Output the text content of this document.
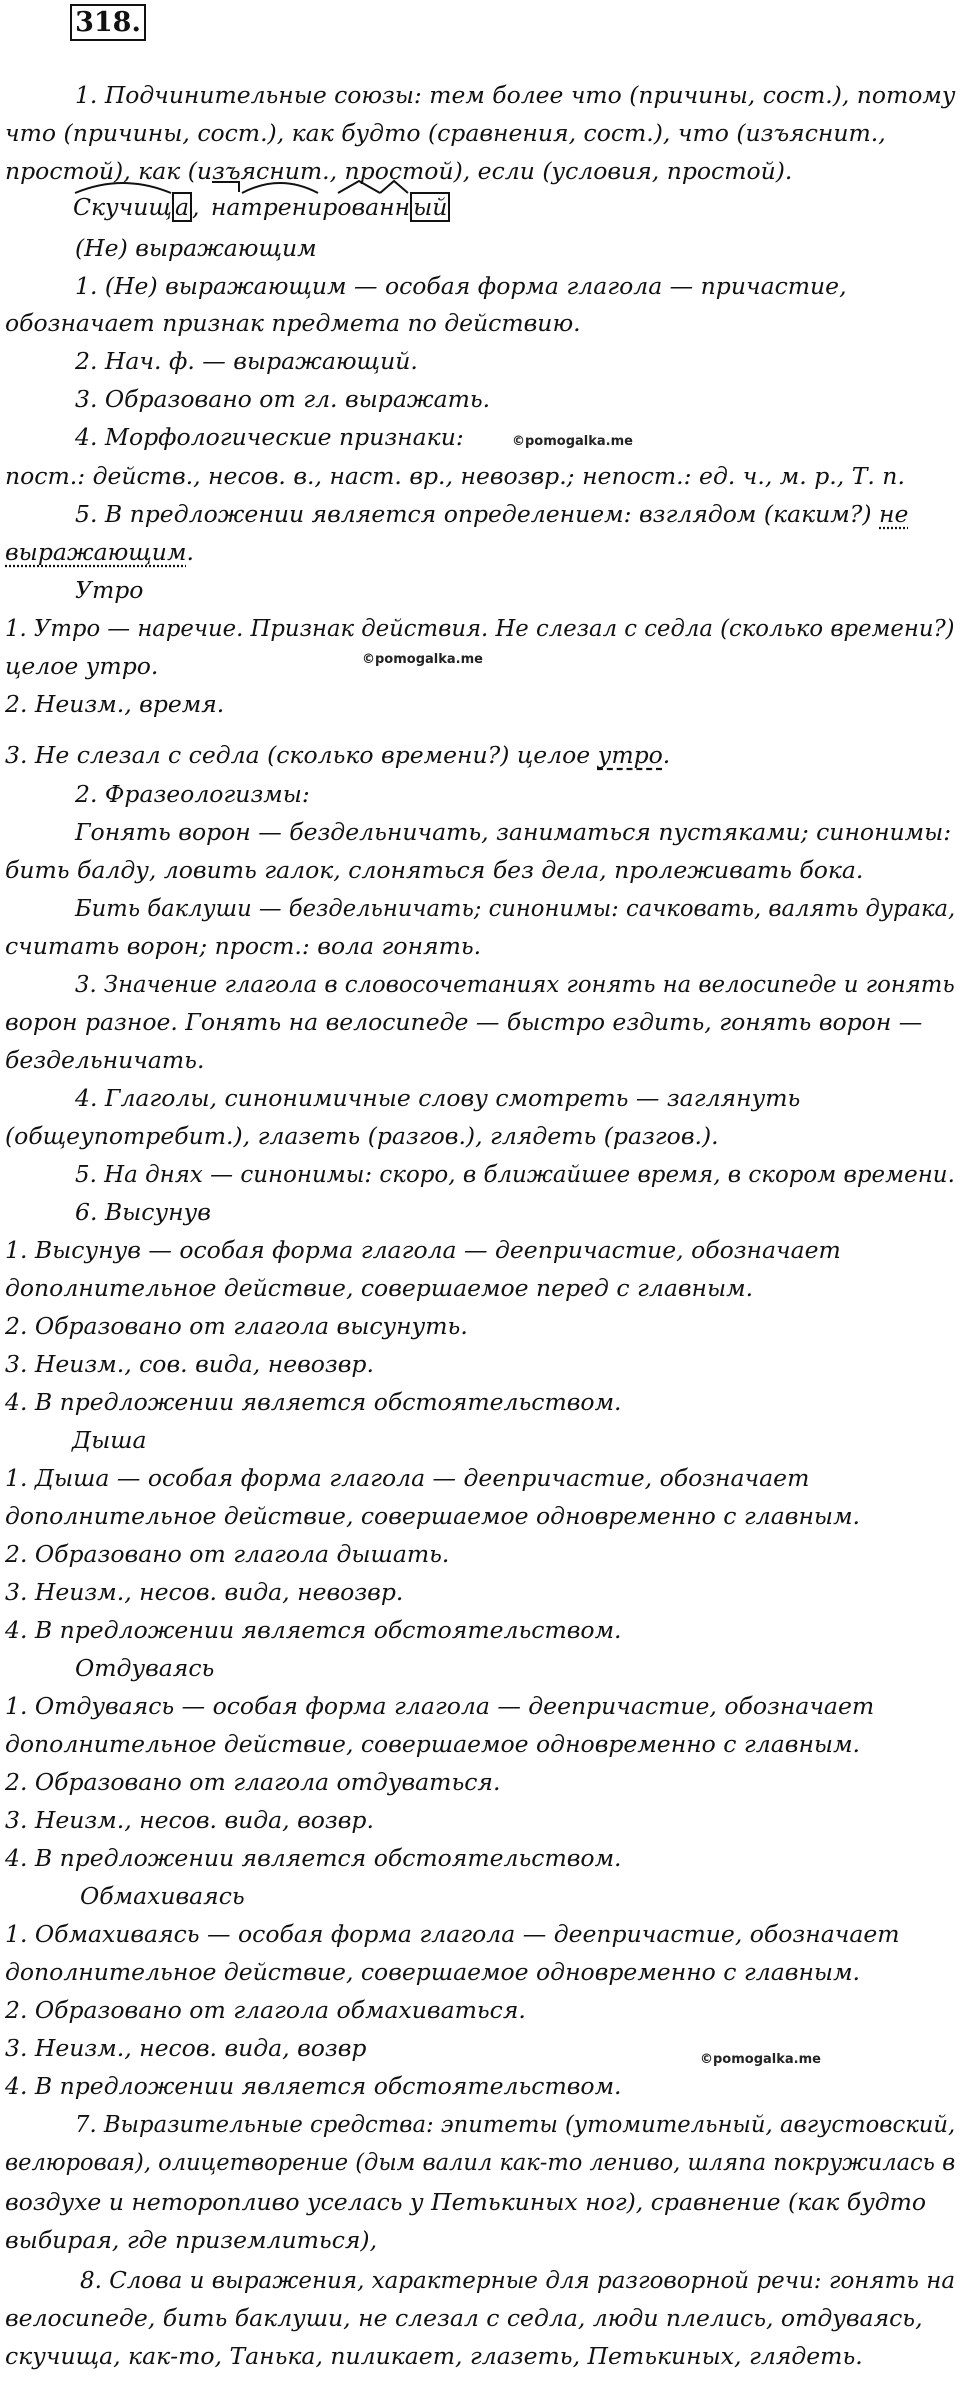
318.
Скучищ а , на
тренир
ова
нн ый
1. Подчинительные союзы: тем более что (причины, сост.), потому
что (причины, сост.), как будто (сравнения, сост.), что (изъяснит.,
простой), как (изъяснит., простой), если (условия, простой).
(Не) выражающим
1. (Не) выражающим — особая форма глагола — причастие,
обозначает признак предмета по действию.
2. Нач. ф. — выражающий.
3. Образовано от гл. выражать.
4. Морфологические признаки:	©pomogalka.me
пост.: действ., несов. в., наст. вр., невозвр.; непост.: ед. ч., м. р., Т. п.
5. В предложении является определением: взглядом (каким?) не
выражающим.
Утро
1. Утро — наречие. Признак действия. Не слезал с седла (сколько времени?)
целое утро.	©pomogalka.me
2. Неизм., время.
3. Не слезал с седла (сколько времени?) целое утро.
2. Фразеологизмы:
Гонять ворон — бездельничать, заниматься пустяками; синонимы:
бить балду, ловить галок, слоняться без дела, пролеживать бока.
Бить баклуши — бездельничать; синонимы: сачковать, валять дурака,
считать ворон; прост.: вола гонять.
3. Значение глагола в словосочетаниях гонять на велосипеде и гонять
ворон разное. Гонять на велосипеде — быстро ездить, гонять ворон —
бездельничать.
4. Глаголы, синонимичные слову смотреть — заглянуть
(общеупотребит.), глазеть (разгов.), глядеть (разгов.).
5. На днях — синонимы: скоро, в ближайшее время, в скором времени.
6. Высунув
1. Высунув — особая форма глагола — деепричастие, обозначает
дополнительное действие, совершаемое перед с главным.
2. Образовано от глагола высунуть.
3. Неизм., сов. вида, невозвр.
4. В предложении является обстоятельством.
Дыша
1. Дыша — особая форма глагола — деепричастие, обозначает
дополнительное действие, совершаемое одновременно с главным.
2. Образовано от глагола дышать.
3. Неизм., несов. вида, невозвр.
4. В предложении является обстоятельством.
Отдуваясь
1. Отдуваясь — особая форма глагола — деепричастие, обозначает
дополнительное действие, совершаемое одновременно с главным.
2. Образовано от глагола отдуваться.
3. Неизм., несов. вида, возвр.
4. В предложении является обстоятельством.
Обмахиваясь
1. Обмахиваясь — особая форма глагола — деепричастие, обозначает
дополнительное действие, совершаемое одновременно с главным.
2. Образовано от глагола обмахиваться.
3. Неизм., несов. вида, возвр
4. В предложении является обстоятельством.
©pomogalka.me
7. Выразительные средства: эпитеты (утомительный, августовский,
велюровая), олицетворение (дым валил как-то лениво, шляпа покружилась в
воздухе и неторопливо уселась у Петькиных ног), сравнение (как будто
выбирая, где приземлиться),
8. Слова и выражения, характерные для разговорной речи: гонять на
велосипеде, бить баклуши, не слезал с седла, люди плелись, отдуваясь,
скучища, как-то, Танька, пиликает, глазеть, Петькиных, глядеть.
